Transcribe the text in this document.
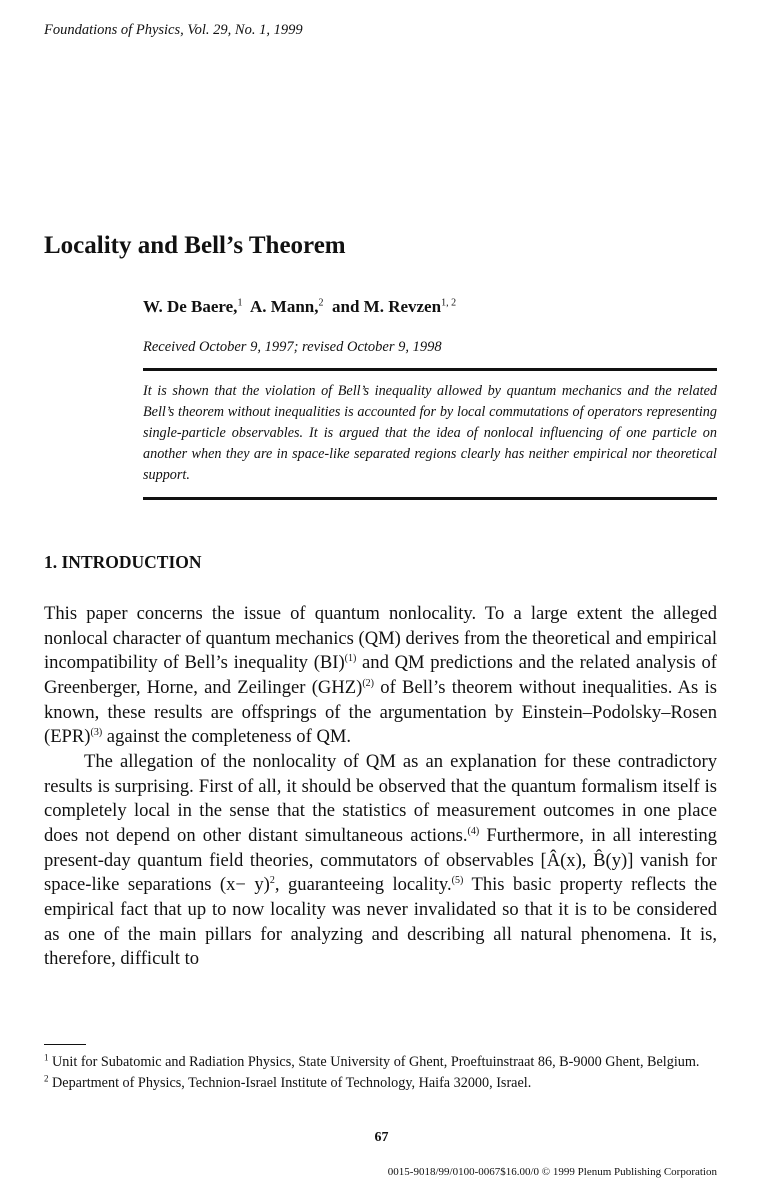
Foundations of Physics, Vol. 29, No. 1, 1999
Locality and Bell’s Theorem
W. De Baere,$^1$ A. Mann,$^2$ and M. Revzen$^{1, 2}$
Received October 9, 1997; revised October 9, 1998
It is shown that the violation of Bell’s inequality allowed by quantum mechanics and the related Bell’s theorem without inequalities is accounted for by local commutations of operators representing single-particle observables. It is argued that the idea of nonlocal influencing of one particle on another when they are in space-like separated regions clearly has neither empirical nor theoretical support.
1. INTRODUCTION

This paper concerns the issue of quantum nonlocality. To a large extent the alleged nonlocal character of quantum mechanics (QM) derives from the theoretical and empirical incompatibility of Bell’s inequality (BI)$^{(1)}$ and QM predictions and the related analysis of Greenberger, Horne, and Zeilinger (GHZ)$^{(2)}$ of Bell’s theorem without inequalities. As is known, these results are offsprings of the argumentation by Einstein–Podolsky–Rosen (EPR)$^{(3)}$ against the completeness of QM.

The allegation of the nonlocality of QM as an explanation for these contradictory results is surprising. First of all, it should be observed that the quantum formalism itself is completely local in the sense that the statistics of measurement outcomes in one place does not depend on other distant simultaneous actions.$^{(4)}$ Furthermore, in all interesting present-day quantum field theories, commutators of observables [Â(x), B̂(y)] vanish for space-like separations $(x- y)^2$, guaranteeing locality.$^{(5)}$ This basic property reflects the empirical fact that up to now locality was never invalidated so that it is to be considered as one of the main pillars for analyzing and describing all natural phenomena. It is, therefore, difficult to

$^1$ Unit for Subatomic and Radiation Physics, State University of Ghent, Proeftuinstraat 86, B-9000 Ghent, Belgium.

$^2$ Department of Physics, Technion-Israel Institute of Technology, Haifa 32000, Israel.

67
0015-9018/99/0100-0067$16.00/0 © 1999 Plenum Publishing Corporation
